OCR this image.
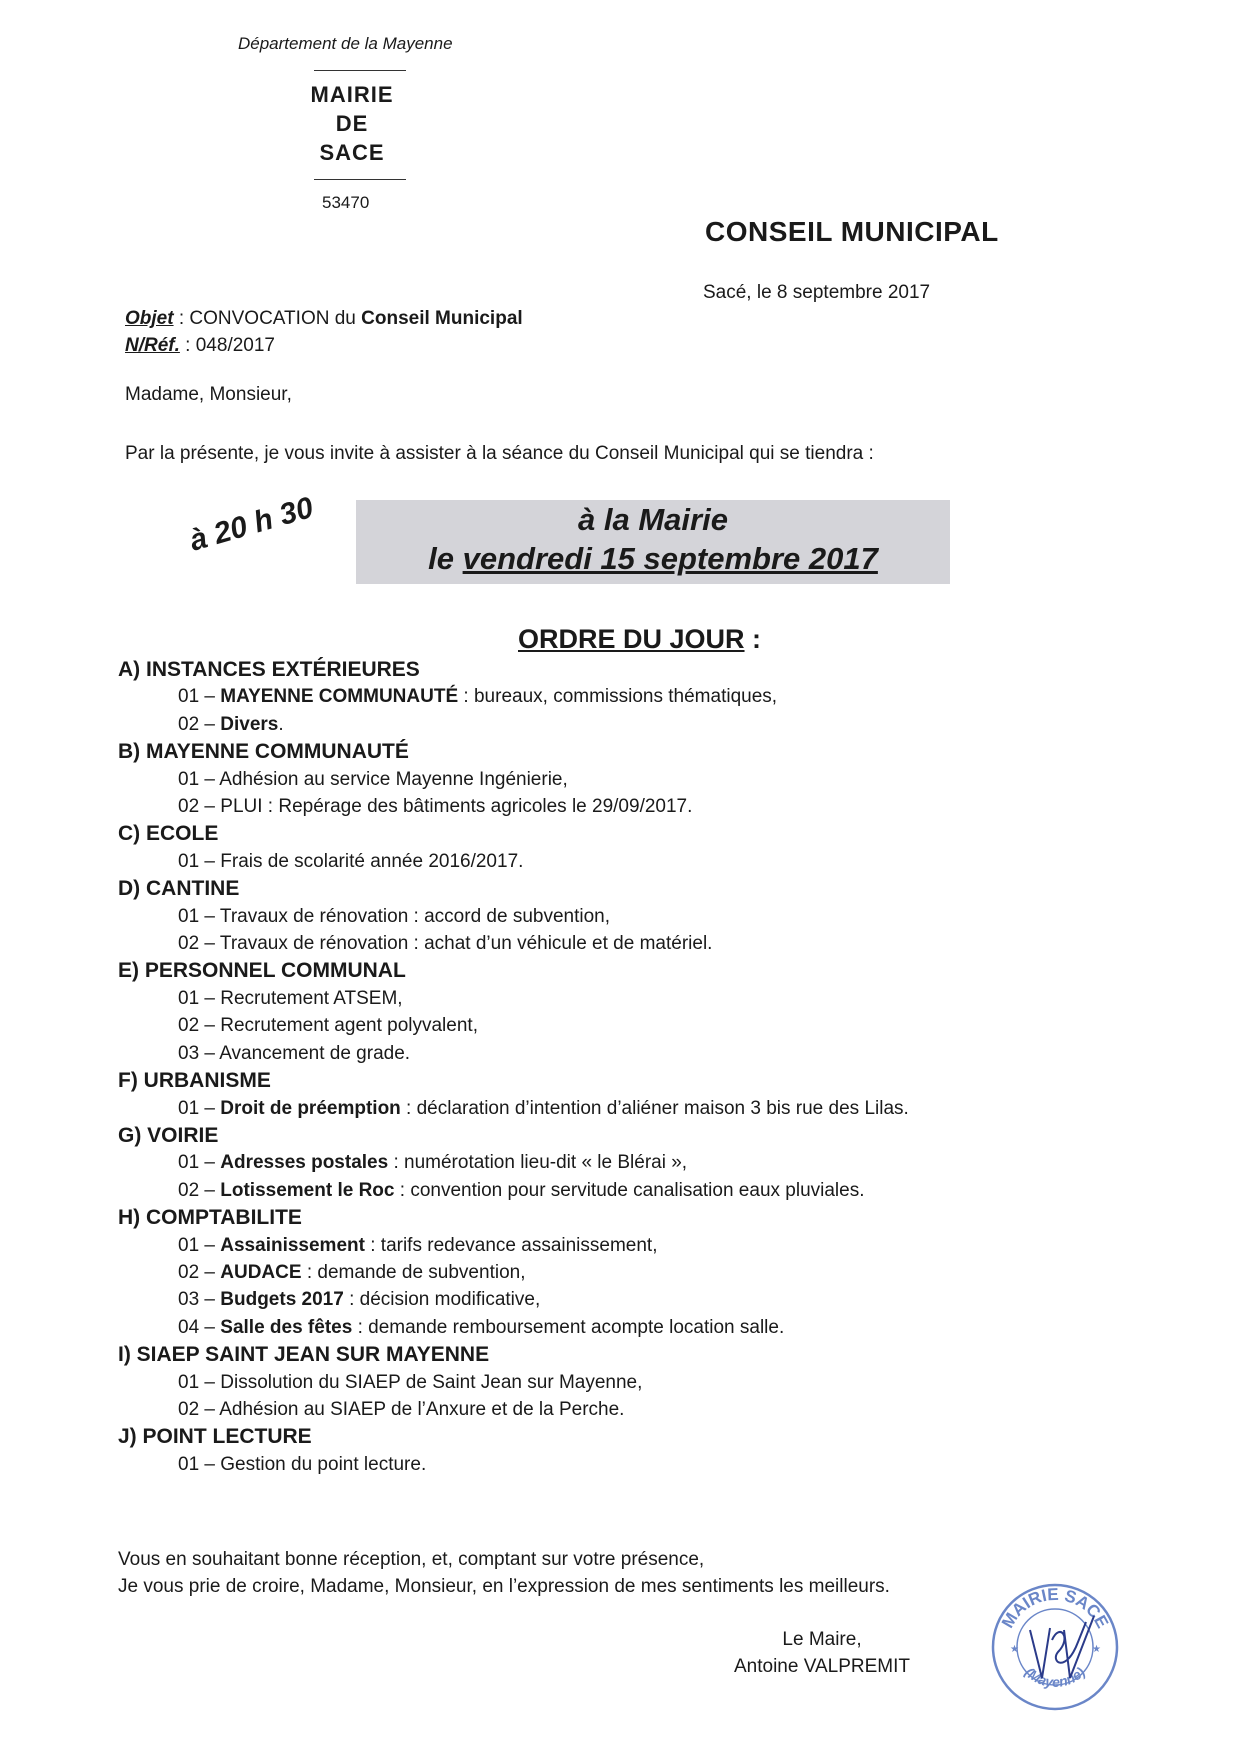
Département de la Mayenne
MAIRIE
DE
SACE
53470
CONSEIL MUNICIPAL
Sacé, le 8 septembre 2017
Objet : CONVOCATION du Conseil Municipal
N/Réf. : 048/2017
Madame, Monsieur,
Par la présente, je vous invite à assister à la séance du Conseil Municipal qui se tiendra :
à 20 h 30	à la Mairie
le vendredi 15 septembre 2017
ORDRE DU JOUR :
A) INSTANCES EXTÉRIEURES
01 – MAYENNE COMMUNAUTÉ : bureaux, commissions thématiques,
02 – Divers.
B) MAYENNE COMMUNAUTÉ
01 – Adhésion au service Mayenne Ingénierie,
02 – PLUI : Repérage des bâtiments agricoles le 29/09/2017.
C) ECOLE
01 – Frais de scolarité année 2016/2017.
D) CANTINE
01 – Travaux de rénovation : accord de subvention,
02 – Travaux de rénovation : achat d’un véhicule et de matériel.
E) PERSONNEL COMMUNAL
01 – Recrutement ATSEM,
02 – Recrutement agent polyvalent,
03 – Avancement de grade.
F) URBANISME
01 – Droit de préemption : déclaration d’intention d’aliéner maison 3 bis rue des Lilas.
G) VOIRIE
01 – Adresses postales : numérotation lieu-dit « le Blérai »,
02 – Lotissement le Roc : convention pour servitude canalisation eaux pluviales.
H) COMPTABILITE
01 – Assainissement : tarifs redevance assainissement,
02 – AUDACE : demande de subvention,
03 – Budgets 2017 : décision modificative,
04 – Salle des fêtes : demande remboursement acompte location salle.
I) SIAEP SAINT JEAN SUR MAYENNE
01 – Dissolution du SIAEP de Saint Jean sur Mayenne,
02 – Adhésion au SIAEP de l’Anxure et de la Perche.
J) POINT LECTURE
01 – Gestion du point lecture.
Vous en souhaitant bonne réception, et, comptant sur votre présence,
Je vous prie de croire, Madame, Monsieur, en l’expression de mes sentiments les meilleurs.
Le Maire,
Antoine VALPREMIT
MAIRIE SACE
(Mayenne)
★	★
